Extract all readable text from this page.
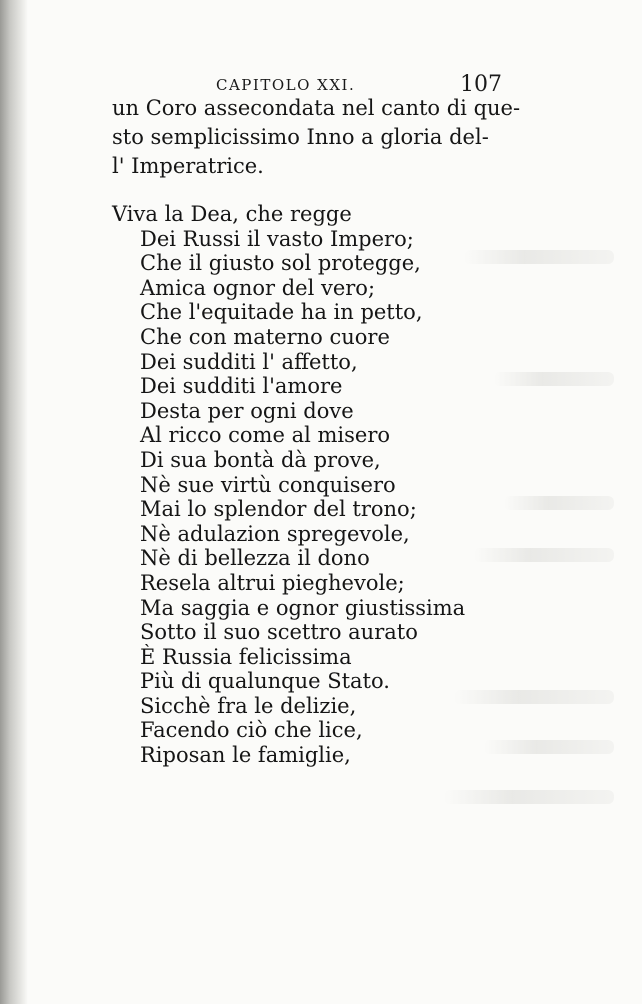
CAPITOLO XXI.	107
un Coro assecondata nel canto di que-
sto semplicissimo Inno a gloria del-
l' Imperatrice.
Viva la Dea, che regge
Dei Russi il vasto Impero;
Che il giusto sol protegge,
Amica ognor del vero;
Che l'equitade ha in petto,
Che con materno cuore
Dei sudditi l' affetto,
Dei sudditi l'amore
Desta per ogni dove
Al ricco come al misero
Di sua bontà dà prove,
Nè sue virtù conquisero
Mai lo splendor del trono;
Nè adulazion spregevole,
Nè di bellezza il dono
Resela altrui pieghevole;
Ma saggia e ognor giustissima
Sotto il suo scettro aurato
È Russia felicissima
Più di qualunque Stato.
Sicchè fra le delizie,
Facendo ciò che lice,
Riposan le famiglie,
